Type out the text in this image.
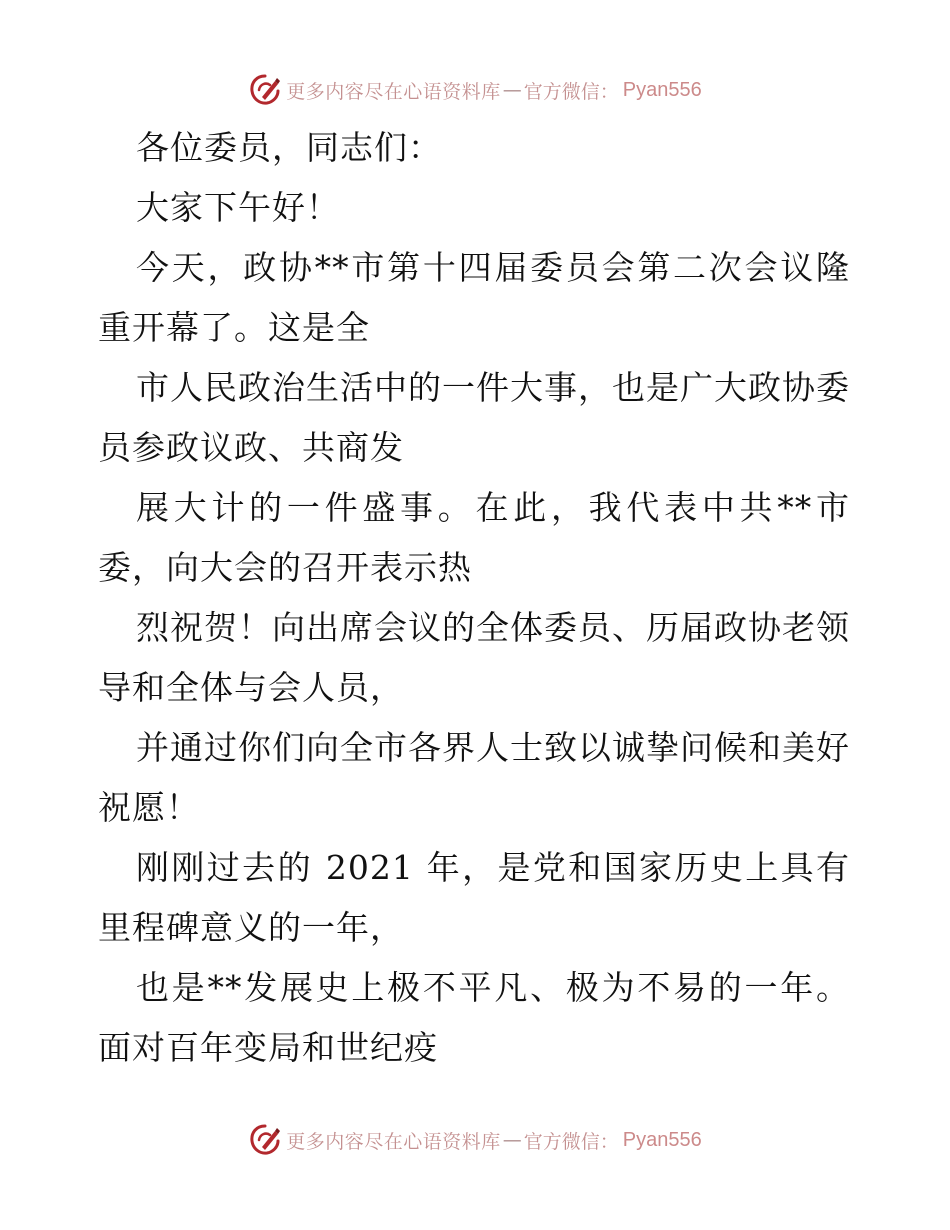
更多内容尽在心语资料库 — 官方微信： Pyan556

各位委员，同志们：

大家下午好！

今天，政协**市第十四届委员会第二次会议隆重开幕了。这是全

市人民政治生活中的一件大事，也是广大政协委员参政议政、共商发

展大计的一件盛事。在此，我代表中共**市委，向大会的召开表示热

烈祝贺！向出席会议的全体委员、历届政协老领导和全体与会人员，

并通过你们向全市各界人士致以诚挚问候和美好祝愿！

刚刚过去的 2021 年，是党和国家历史上具有里程碑意义的一年，

也是**发展史上极不平凡、极为不易的一年。面对百年变局和世纪疫

更多内容尽在心语资料库 — 官方微信： Pyan556
